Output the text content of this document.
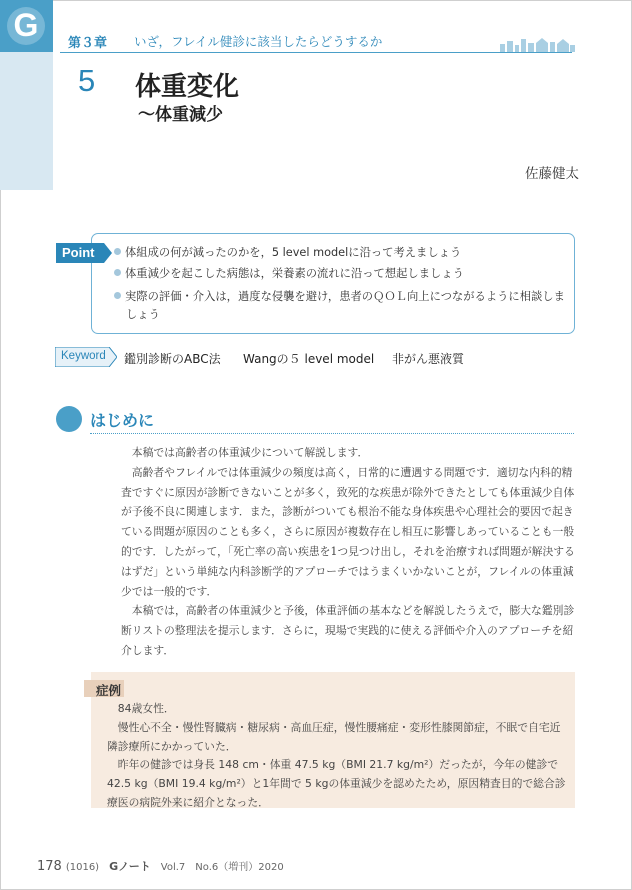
G
第３章 いざ，フレイル健診に該当したらどうするか
5 体重変化
～体重減少
佐藤健太
Point	体組成の何が減ったのかを，5 level modelに沿って考えましょう
体重減少を起こした病態は，栄養素の流れに沿って想起しましょう
実際の評価・介入は，過度な侵襲を避け，患者のＱＯＬ向上につながるように相談しましょう
Keyword 鑑別診断のABC法 Wangの５ level model 非がん悪液質
はじめに

本稿では高齢者の体重減少について解説します．

高齢者やフレイルでは体重減少の頻度は高く，日常的に遭遇する問題です．適切な内科的精査ですぐに原因が診断できないことが多く，致死的な疾患が除外できたとしても体重減少自体が予後不良に関連します．また，診断がついても根治不能な身体疾患や心理社会的要因で起きている問題が原因のことも多く，さらに原因が複数存在し相互に影響しあっていることも一般的です．したがって，「死亡率の高い疾患を1つ見つけ出し，それを治療すれば問題が解決するはずだ」という単純な内科診断学的アプローチではうまくいかないことが，フレイルの体重減少では一般的です．

本稿では，高齢者の体重減少と予後，体重評価の基本などを解説したうえで，膨大な鑑別診断リストの整理法を提示します．さらに，現場で実践的に使える評価や介入のアプローチを紹介します．

症例

84歳女性．

慢性心不全・慢性腎臓病・糖尿病・高血圧症，慢性腰痛症・変形性膝関節症，不眠で自宅近隣診療所にかかっていた．

昨年の健診では身長 148 cm・体重 47.5 kg（BMI 21.7 kg/m²）だったが，今年の健診で 42.5 kg（BMI 19.4 kg/m²）と1年間で 5 kgの体重減少を認めたため，原因精査目的で総合診療医の病院外来に紹介となった．

178 (1016) Gノート Vol.7　No.6（増刊）2020
